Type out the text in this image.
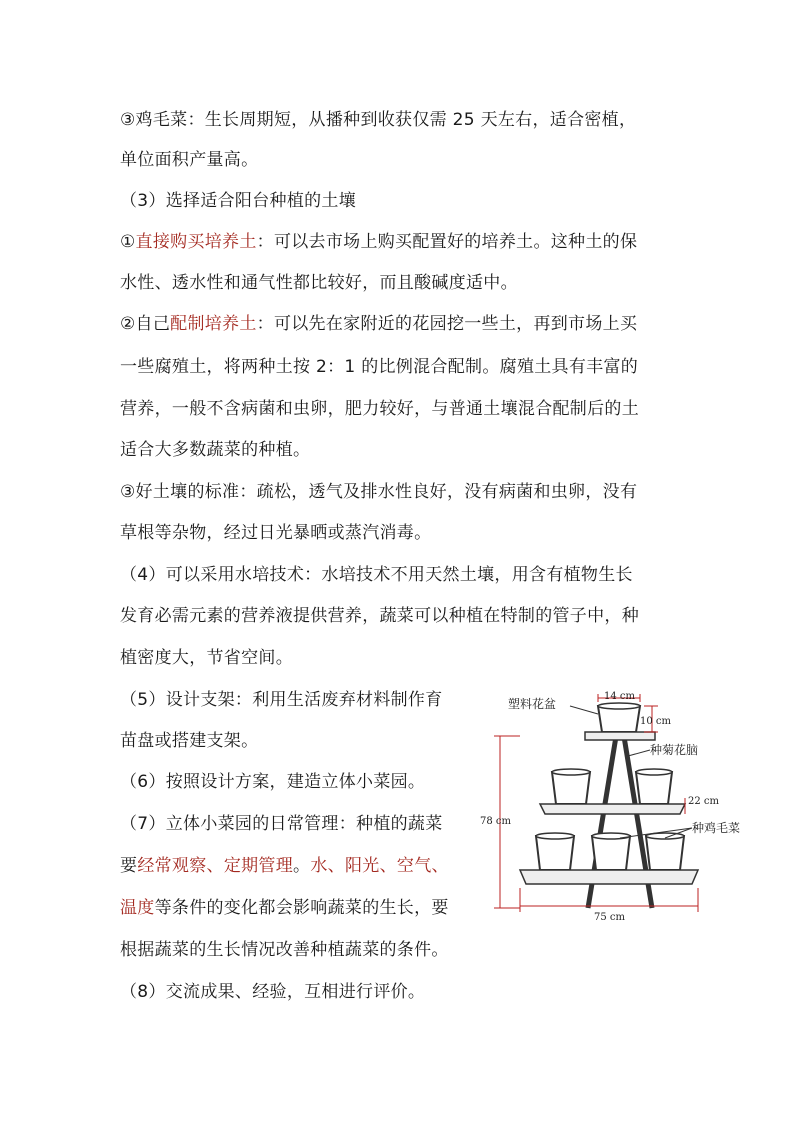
③鸡毛菜：生长周期短，从播种到收获仅需 25 天左右，适合密植，
单位面积产量高。
（3）选择适合阳台种植的土壤
①直接购买培养土：可以去市场上购买配置好的培养土。这种土的保
水性、透水性和通气性都比较好，而且酸碱度适中。
②自己配制培养土：可以先在家附近的花园挖一些土，再到市场上买
一些腐殖土，将两种土按 2：1 的比例混合配制。腐殖土具有丰富的
营养，一般不含病菌和虫卵，肥力较好，与普通土壤混合配制后的土
适合大多数蔬菜的种植。
③好土壤的标准：疏松，透气及排水性良好，没有病菌和虫卵，没有
草根等杂物，经过日光暴晒或蒸汽消毒。
（4）可以采用水培技术：水培技术不用天然土壤，用含有植物生长
发育必需元素的营养液提供营养，蔬菜可以种植在特制的管子中，种
植密度大，节省空间。
（5）设计支架：利用生活废弃材料制作育
苗盘或搭建支架。
（6）按照设计方案，建造立体小菜园。
（7）立体小菜园的日常管理：种植的蔬菜
要经常观察、定期管理。水、阳光、空气、
温度等条件的变化都会影响蔬菜的生长，要
根据蔬菜的生长情况改善种植蔬菜的条件。
（8）交流成果、经验，互相进行评价。
塑料花盆
14 cm
10 cm
种菊花脑
22 cm
78 cm	种鸡毛菜
75 cm
